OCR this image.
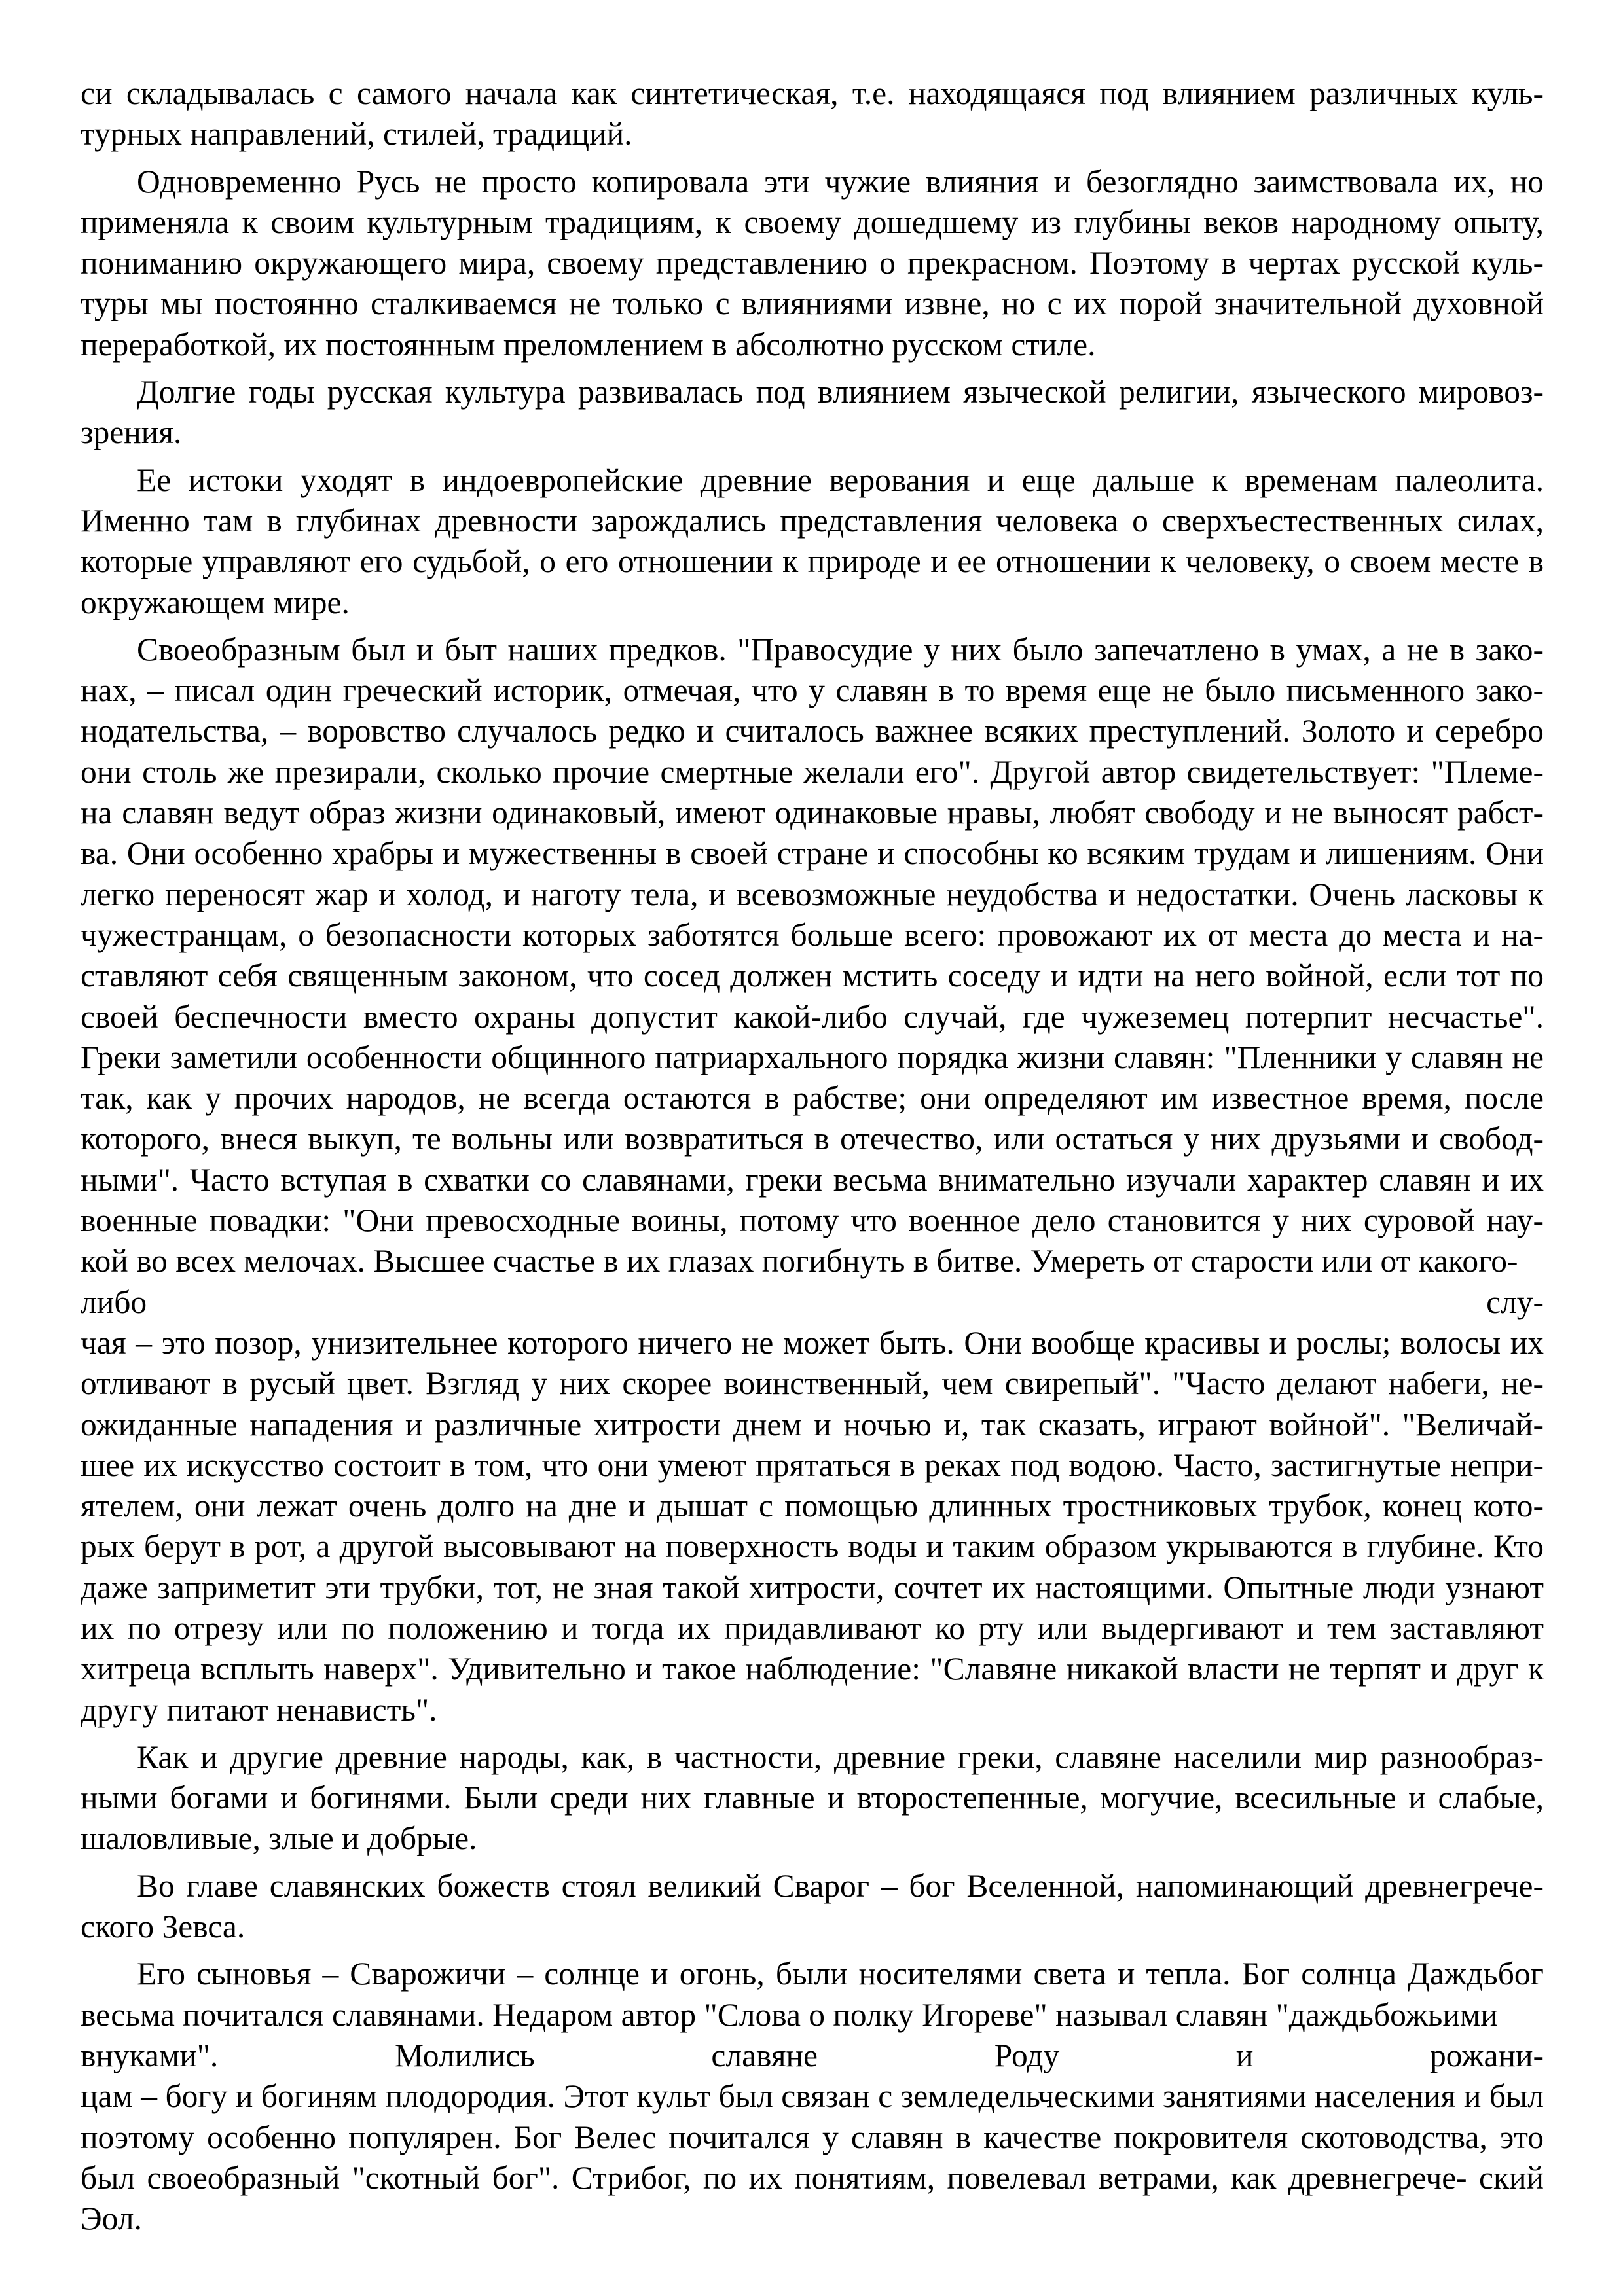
си складывалась с самого начала как синтетическая, т.е. находящаяся под влиянием различных куль- турных направлений, стилей, традиций.

Одновременно Русь не просто копировала эти чужие влияния и безоглядно заимствовала их, но применяла к своим культурным традициям, к своему дошедшему из глубины веков народному опыту, пониманию окружающего мира, своему представлению о прекрасном. Поэтому в чертах русской куль- туры мы постоянно сталкиваемся не только с влияниями извне, но с их порой значительной духовной переработкой, их постоянным преломлением в абсолютно русском стиле.

Долгие годы русская культура развивалась под влиянием языческой религии, языческого мировоз- зрения.

Ее истоки уходят в индоевропейские древние верования и еще дальше к временам палеолита. Именно там в глубинах древности зарождались представления человека о сверхъестественных силах, которые управляют его судьбой, о его отношении к природе и ее отношении к человеку, о своем месте в окружающем мире.

Своеобразным был и быт наших предков. "Правосудие у них было запечатлено в умах, а не в зако- нах, – писал один греческий историк, отмечая, что у славян в то время еще не было письменного зако- нодательства, – воровство случалось редко и считалось важнее всяких преступлений. Золото и серебро они столь же презирали, сколько прочие смертные желали его". Другой автор свидетельствует: "Племе- на славян ведут образ жизни одинаковый, имеют одинаковые нравы, любят свободу и не выносят рабст- ва. Они особенно храбры и мужественны в своей стране и способны ко всяким трудам и лишениям. Они легко переносят жар и холод, и наготу тела, и всевозможные неудобства и недостатки. Очень ласковы к чужестранцам, о безопасности которых заботятся больше всего: провожают их от места до места и на- ставляют себя священным законом, что сосед должен мстить соседу и идти на него войной, если тот по своей беспечности вместо охраны допустит какой-либо случай, где чужеземец потерпит несчастье". Греки заметили особенности общинного патриархального порядка жизни славян: "Пленники у славян не так, как у прочих народов, не всегда остаются в рабстве; они определяют им известное время, после которого, внеся выкуп, те вольны или возвратиться в отечество, или остаться у них друзьями и свобод- ными". Часто вступая в схватки со славянами, греки весьма внимательно изучали характер славян и их военные повадки: "Они превосходные воины, потому что военное дело становится у них суровой нау- кой во всех мелочах. Высшее счастье в их глазах погибнуть в битве. Умереть от старости или от какого-
либо	слу-
чая – это позор, унизительнее которого ничего не может быть. Они вообще красивы и рослы; волосы их отливают в русый цвет. Взгляд у них скорее воинственный, чем свирепый". "Часто делают набеги, не- ожиданные нападения и различные хитрости днем и ночью и, так сказать, играют войной". "Величай- шее их искусство состоит в том, что они умеют прятаться в реках под водою. Часто, застигнутые непри- ятелем, они лежат очень долго на дне и дышат с помощью длинных тростниковых трубок, конец кото- рых берут в рот, а другой высовывают на поверхность воды и таким образом укрываются в глубине. Кто даже заприметит эти трубки, тот, не зная такой хитрости, сочтет их настоящими. Опытные люди узнают их по отрезу или по положению и тогда их придавливают ко рту или выдергивают и тем заставляют хитреца всплыть наверх". Удивительно и такое наблюдение: "Славяне никакой власти не терпят и друг к другу питают ненависть".

Как и другие древние народы, как, в частности, древние греки, славяне населили мир разнообраз- ными богами и богинями. Были среди них главные и второстепенные, могучие, всесильные и слабые, шаловливые, злые и добрые.

Во главе славянских божеств стоял великий Сварог – бог Вселенной, напоминающий древнегрече- ского Зевса.

Его сыновья – Сварожичи – солнце и огонь, были носителями света и тепла. Бог солнца Даждьбог весьма почитался славянами. Недаром автор "Слова о полку Игореве" называл славян "даждьбожьими
внуками".	Молились	славяне	Роду	и	рожани-
цам – богу и богиням плодородия. Этот культ был связан с земледельческими занятиями населения и был поэтому особенно популярен. Бог Велес почитался у славян в качестве покровителя скотоводства, это был своеобразный "скотный бог". Стрибог, по их понятиям, повелевал ветрами, как древнегрече- ский Эол.
